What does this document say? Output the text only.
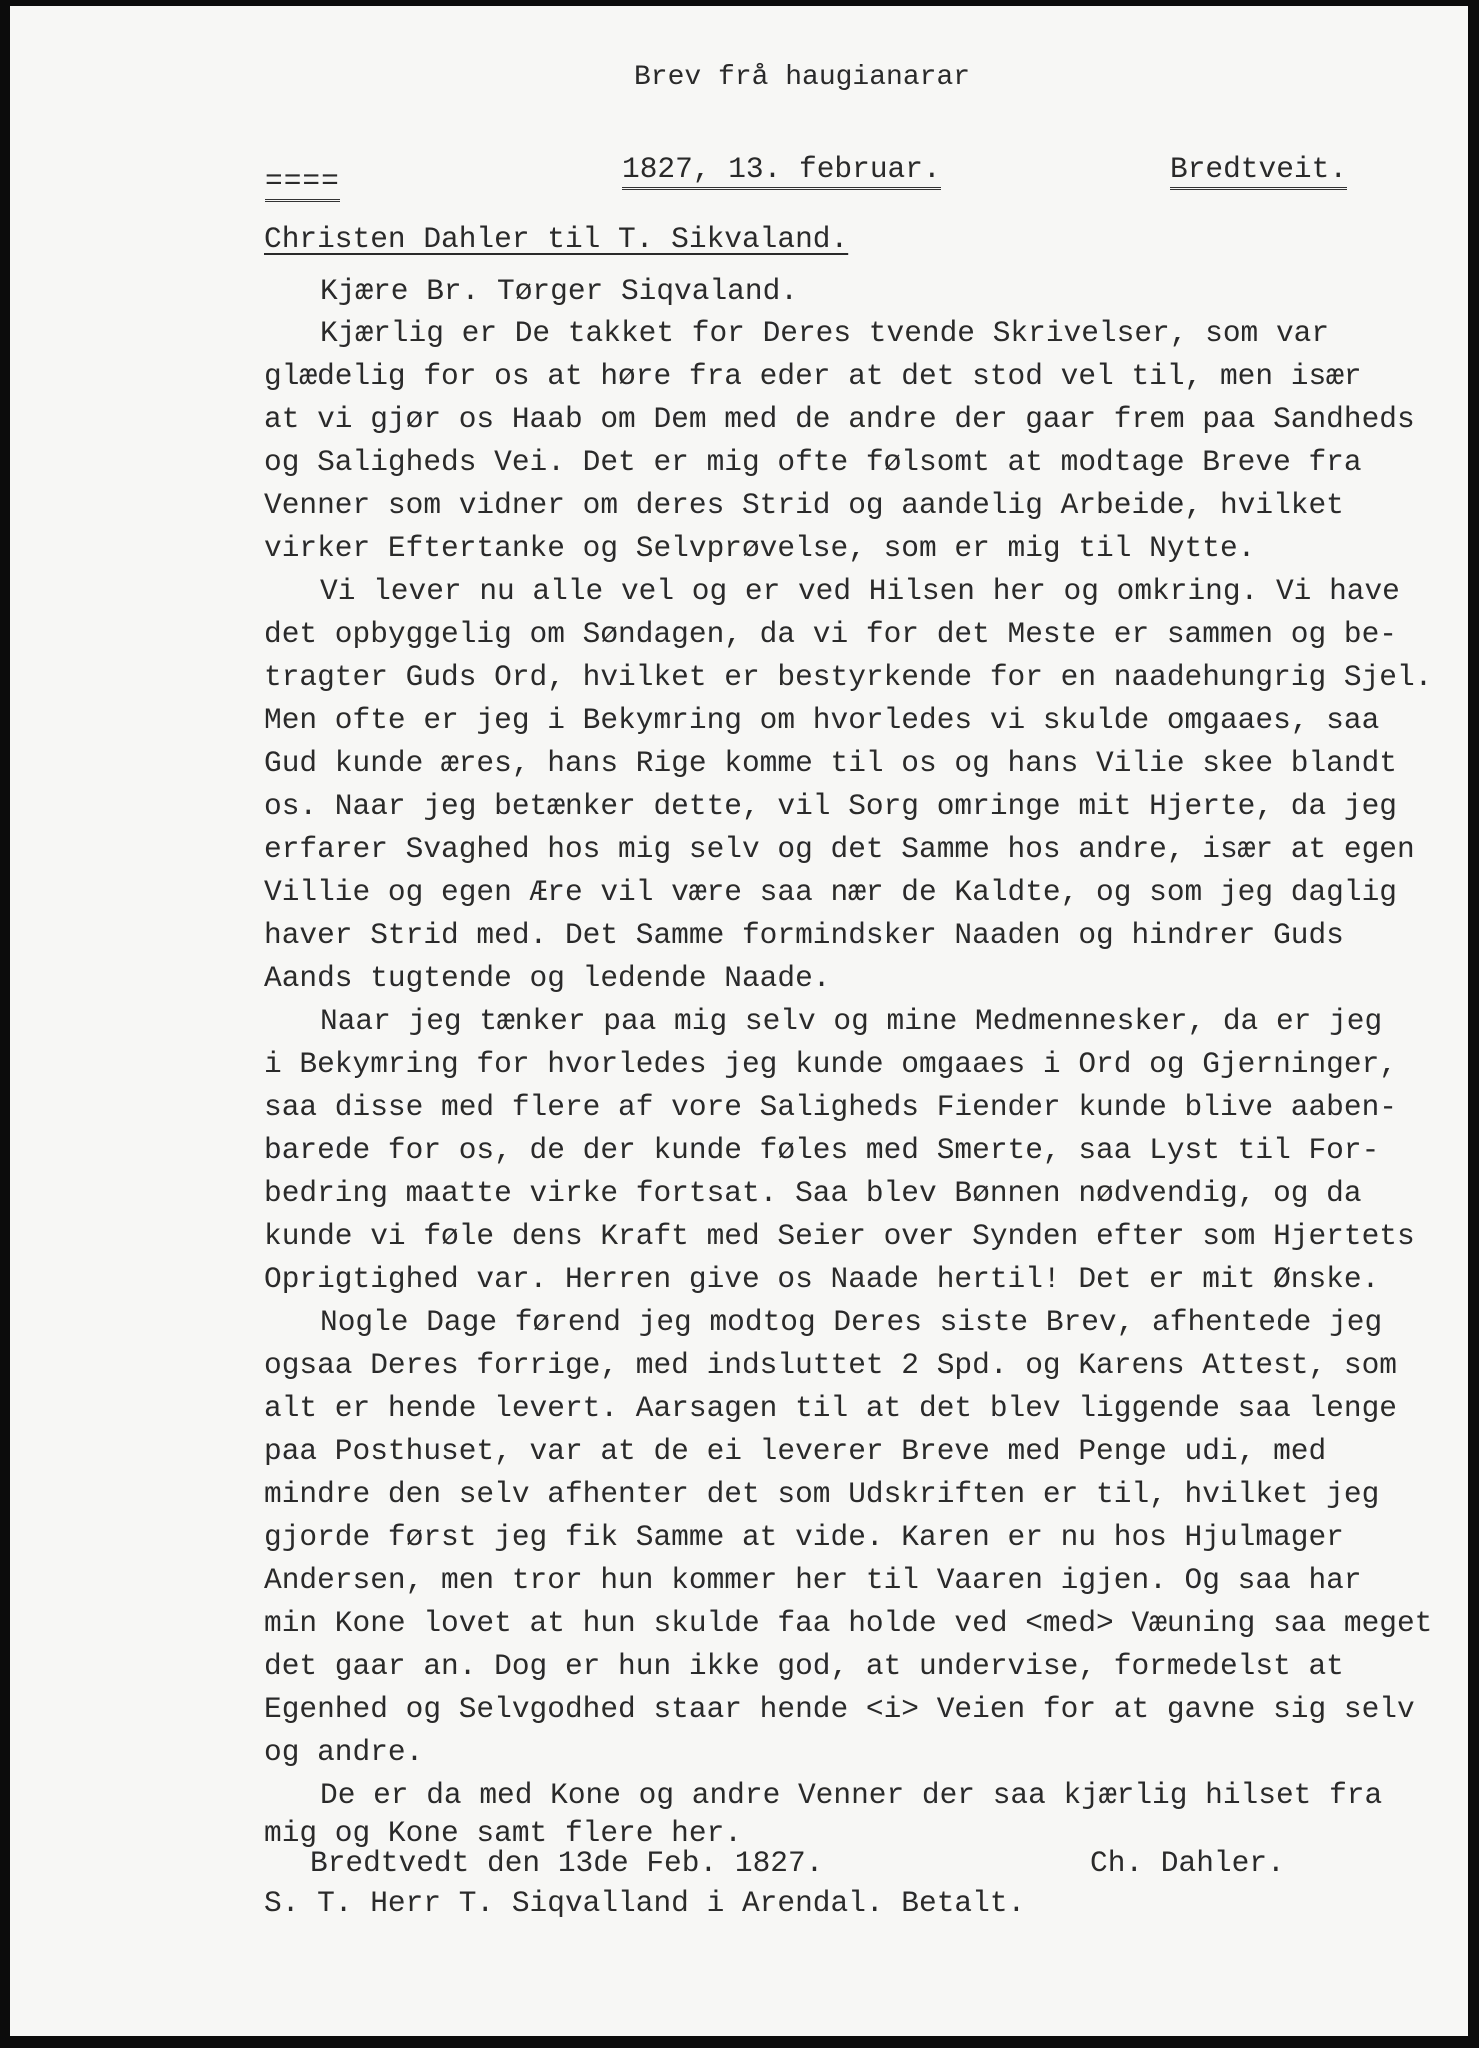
Brev frå haugianarar
====	1827, 13. februar.	Bredtveit.
Christen Dahler til T. Sikvaland.
Kjære Br. Tørger Siqvaland.
Kjærlig er De takket for Deres tvende Skrivelser, som var
glædelig for os at høre fra eder at det stod vel til, men især
at vi gjør os Haab om Dem med de andre der gaar frem paa Sandheds
og Saligheds Vei. Det er mig ofte følsomt at modtage Breve fra
Venner som vidner om deres Strid og aandelig Arbeide, hvilket
virker Eftertanke og Selvprøvelse, som er mig til Nytte.
Vi lever nu alle vel og er ved Hilsen her og omkring. Vi have
det opbyggelig om Søndagen, da vi for det Meste er sammen og be-
tragter Guds Ord, hvilket er bestyrkende for en naadehungrig Sjel.
Men ofte er jeg i Bekymring om hvorledes vi skulde omgaaes, saa
Gud kunde æres, hans Rige komme til os og hans Vilie skee blandt
os. Naar jeg betænker dette, vil Sorg omringe mit Hjerte, da jeg
erfarer Svaghed hos mig selv og det Samme hos andre, især at egen
Villie og egen Ære vil være saa nær de Kaldte, og som jeg daglig
haver Strid med. Det Samme formindsker Naaden og hindrer Guds
Aands tugtende og ledende Naade.
Naar jeg tænker paa mig selv og mine Medmennesker, da er jeg
i Bekymring for hvorledes jeg kunde omgaaes i Ord og Gjerninger,
saa disse med flere af vore Saligheds Fiender kunde blive aaben-
barede for os, de der kunde føles med Smerte, saa Lyst til For-
bedring maatte virke fortsat. Saa blev Bønnen nødvendig, og da
kunde vi føle dens Kraft med Seier over Synden efter som Hjertets
Oprigtighed var. Herren give os Naade hertil! Det er mit Ønske.
Nogle Dage førend jeg modtog Deres siste Brev, afhentede jeg
ogsaa Deres forrige, med indsluttet 2 Spd. og Karens Attest, som
alt er hende levert. Aarsagen til at det blev liggende saa lenge
paa Posthuset, var at de ei leverer Breve med Penge udi, med
mindre den selv afhenter det som Udskriften er til, hvilket jeg
gjorde først jeg fik Samme at vide. Karen er nu hos Hjulmager
Andersen, men tror hun kommer her til Vaaren igjen. Og saa har
min Kone lovet at hun skulde faa holde ved <med> Væuning saa meget
det gaar an. Dog er hun ikke god, at undervise, formedelst at
Egenhed og Selvgodhed staar hende <i> Veien for at gavne sig selv
og andre.
De er da med Kone og andre Venner der saa kjærlig hilset fra
mig og Kone samt flere her.
Bredtvedt den 13de Feb. 1827.	Ch. Dahler.
S. T. Herr T. Siqvalland i Arendal. Betalt.
